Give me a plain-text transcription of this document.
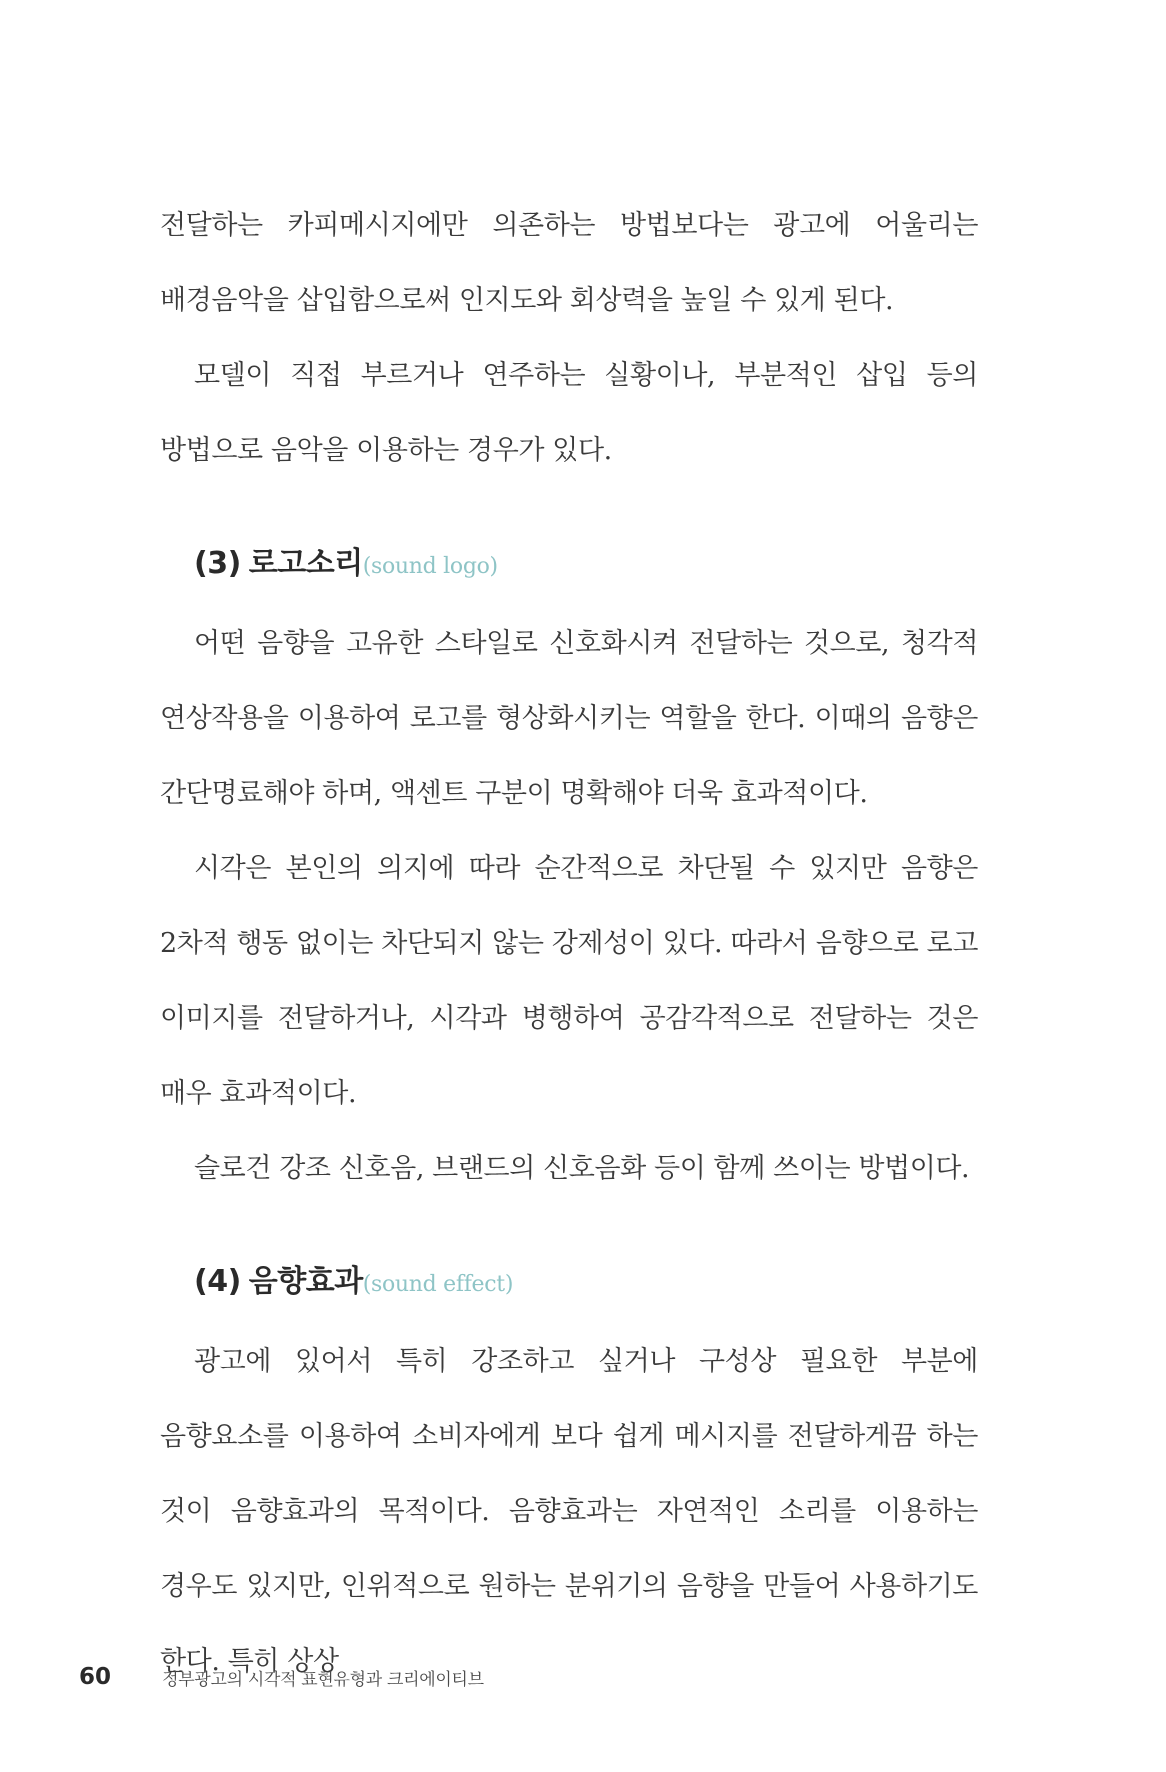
전달하는 카피메시지에만 의존하는 방법보다는 광고에 어울리는 배경음악을 삽입함으로써 인지도와 회상력을 높일 수 있게 된다.

모델이 직접 부르거나 연주하는 실황이나, 부분적인 삽입 등의 방법으로 음악을 이용하는 경우가 있다.

(3) 로고소리(sound logo)

어떤 음향을 고유한 스타일로 신호화시켜 전달하는 것으로, 청각적 연상작용을 이용하여 로고를 형상화시키는 역할을 한다. 이때의 음향은 간단명료해야 하며, 액센트 구분이 명확해야 더욱 효과적이다.

시각은 본인의 의지에 따라 순간적으로 차단될 수 있지만 음향은 2차적 행동 없이는 차단되지 않는 강제성이 있다. 따라서 음향으로 로고 이미지를 전달하거나, 시각과 병행하여 공감각적으로 전달하는 것은 매우 효과적이다.

슬로건 강조 신호음, 브랜드의 신호음화 등이 함께 쓰이는 방법이다.

(4) 음향효과(sound effect)

광고에 있어서 특히 강조하고 싶거나 구성상 필요한 부분에 음향요소를 이용하여 소비자에게 보다 쉽게 메시지를 전달하게끔 하는 것이 음향효과의 목적이다. 음향효과는 자연적인 소리를 이용하는 경우도 있지만, 인위적으로 원하는 분위기의 음향을 만들어 사용하기도 한다. 특히 상상

60	정부광고의 시각적 표현유형과 크리에이티브
